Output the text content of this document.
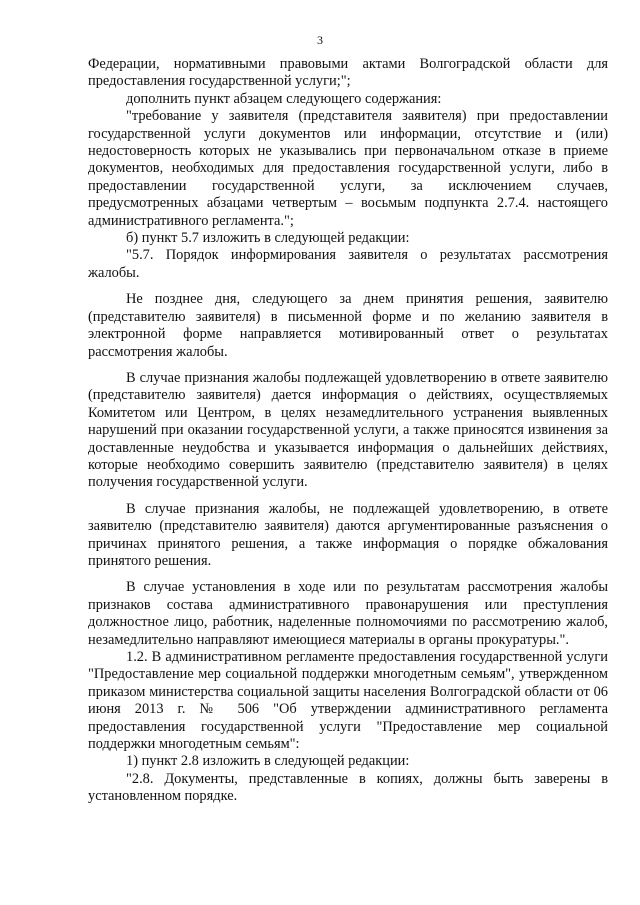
3

Федерации, нормативными правовыми актами Волгоградской области для предоставления государственной услуги;";

дополнить пункт абзацем следующего содержания:

"требование у заявителя (представителя заявителя) при предоставлении государственной услуги документов или информации, отсутствие и (или) недостоверность которых не указывались при первоначальном отказе в приеме документов, необходимых для предоставления государственной услуги, либо в предоставлении государственной услуги, за исключением случаев, предусмотренных абзацами четвертым – восьмым подпункта 2.7.4. настоящего административного регламента.";

б) пункт 5.7 изложить в следующей редакции:

"5.7. Порядок информирования заявителя о результатах рассмотрения жалобы.

Не позднее дня, следующего за днем принятия решения, заявителю (представителю заявителя) в письменной форме и по желанию заявителя в электронной форме направляется мотивированный ответ о результатах рассмотрения жалобы.

В случае признания жалобы подлежащей удовлетворению в ответе заявителю (представителю заявителя) дается информация о действиях, осуществляемых Комитетом или Центром, в целях незамедлительного устранения выявленных нарушений при оказании государственной услуги, а также приносятся извинения за доставленные неудобства и указывается информация о дальнейших действиях, которые необходимо совершить заявителю (представителю заявителя) в целях получения государственной услуги.

В случае признания жалобы, не подлежащей удовлетворению, в ответе заявителю (представителю заявителя) даются аргументированные разъяснения о причинах принятого решения, а также информация о порядке обжалования принятого решения.

В случае установления в ходе или по результатам рассмотрения жалобы признаков состава административного правонарушения или преступления должностное лицо, работник, наделенные полномочиями по рассмотрению жалоб, незамедлительно направляют имеющиеся материалы в органы прокуратуры.".

1.2. В административном регламенте предоставления государственной услуги "Предоставление мер социальной поддержки многодетным семьям", утвержденном приказом министерства социальной защиты населения Волгоградской области от 06 июня 2013 г. № 506 "Об утверждении административного регламента предоставления государственной услуги "Предоставление мер социальной поддержки многодетным семьям":

1) пункт 2.8 изложить в следующей редакции:

"2.8. Документы, представленные в копиях, должны быть заверены в установленном порядке.
